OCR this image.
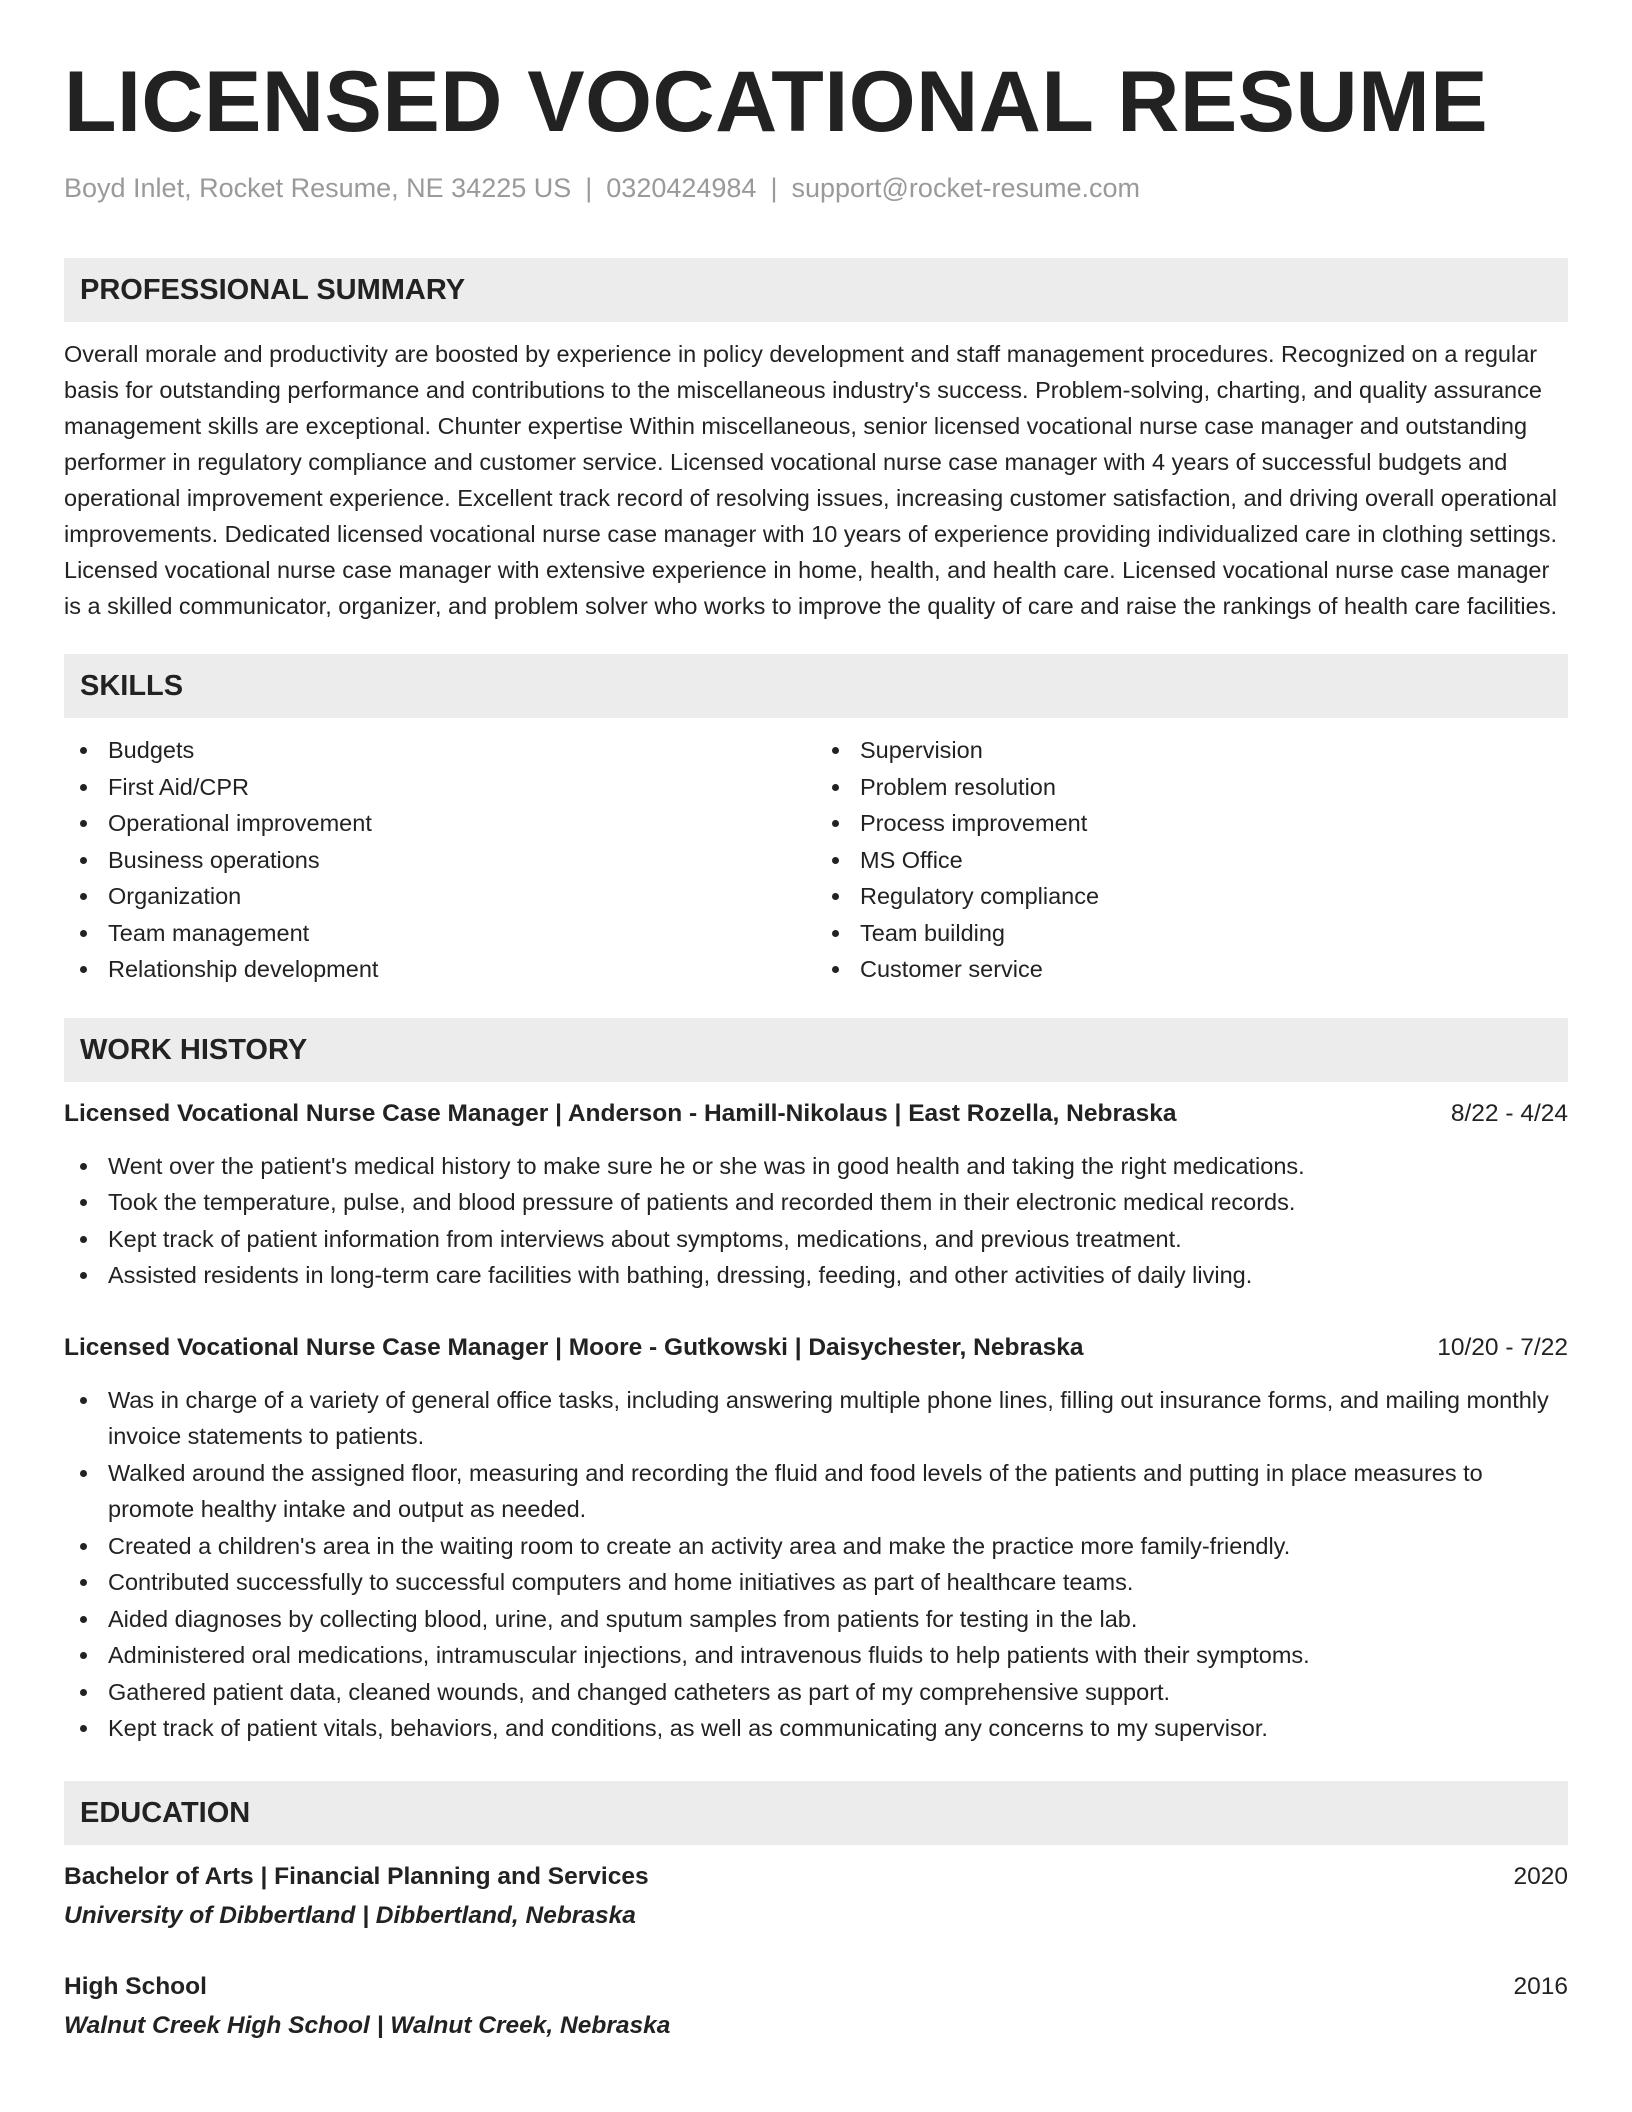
LICENSED VOCATIONAL RESUME
Boyd Inlet, Rocket Resume, NE 34225 US | 0320424984 | support@rocket-resume.com
PROFESSIONAL SUMMARY

Overall morale and productivity are boosted by experience in policy development and staff management procedures. Recognized on a regular basis for outstanding performance and contributions to the miscellaneous industry's success. Problem-solving, charting, and quality assurance management skills are exceptional. Chunter expertise Within miscellaneous, senior licensed vocational nurse case manager and outstanding performer in regulatory compliance and customer service. Licensed vocational nurse case manager with 4 years of successful budgets and operational improvement experience. Excellent track record of resolving issues, increasing customer satisfaction, and driving overall operational improvements. Dedicated licensed vocational nurse case manager with 10 years of experience providing individualized care in clothing settings. Licensed vocational nurse case manager with extensive experience in home, health, and health care. Licensed vocational nurse case manager is a skilled communicator, organizer, and problem solver who works to improve the quality of care and raise the rankings of health care facilities.

SKILLS
Budgets
First Aid/CPR
Operational improvement
Business operations
Organization
Team management
Relationship development
Supervision
Problem resolution
Process improvement
MS Office
Regulatory compliance
Team building
Customer service
WORK HISTORY
Licensed Vocational Nurse Case Manager | Anderson - Hamill-Nikolaus | East Rozella, Nebraska	8/22 - 4/24
Went over the patient's medical history to make sure he or she was in good health and taking the right medications.
Took the temperature, pulse, and blood pressure of patients and recorded them in their electronic medical records.
Kept track of patient information from interviews about symptoms, medications, and previous treatment.
Assisted residents in long-term care facilities with bathing, dressing, feeding, and other activities of daily living.
Licensed Vocational Nurse Case Manager | Moore - Gutkowski | Daisychester, Nebraska	10/20 - 7/22
Was in charge of a variety of general office tasks, including answering multiple phone lines, filling out insurance forms, and mailing monthly invoice statements to patients.
Walked around the assigned floor, measuring and recording the fluid and food levels of the patients and putting in place measures to promote healthy intake and output as needed.
Created a children's area in the waiting room to create an activity area and make the practice more family-friendly.
Contributed successfully to successful computers and home initiatives as part of healthcare teams.
Aided diagnoses by collecting blood, urine, and sputum samples from patients for testing in the lab.
Administered oral medications, intramuscular injections, and intravenous fluids to help patients with their symptoms.
Gathered patient data, cleaned wounds, and changed catheters as part of my comprehensive support.
Kept track of patient vitals, behaviors, and conditions, as well as communicating any concerns to my supervisor.
EDUCATION
Bachelor of Arts | Financial Planning and Services	2020
University of Dibbertland | Dibbertland, Nebraska
High School	2016
Walnut Creek High School | Walnut Creek, Nebraska
